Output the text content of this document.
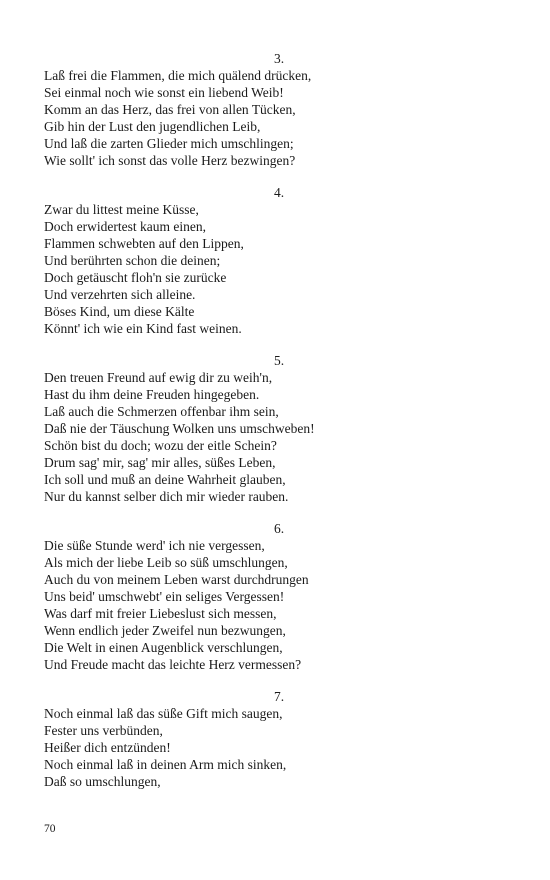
3.

Laß frei die Flammen, die mich quälend drücken,

Sei einmal noch wie sonst ein liebend Weib!

Komm an das Herz, das frei von allen Tücken,

Gib hin der Lust den jugendlichen Leib,

Und laß die zarten Glieder mich umschlingen;

Wie sollt' ich sonst das volle Herz bezwingen?

4.

Zwar du littest meine Küsse,

Doch erwidertest kaum einen,

Flammen schwebten auf den Lippen,

Und berührten schon die deinen;

Doch getäuscht floh'n sie zurücke

Und verzehrten sich alleine.

Böses Kind, um diese Kälte

Könnt' ich wie ein Kind fast weinen.

5.

Den treuen Freund auf ewig dir zu weih'n,

Hast du ihm deine Freuden hingegeben.

Laß auch die Schmerzen offenbar ihm sein,

Daß nie der Täuschung Wolken uns umschweben!

Schön bist du doch; wozu der eitle Schein?

Drum sag' mir, sag' mir alles, süßes Leben,

Ich soll und muß an deine Wahrheit glauben,

Nur du kannst selber dich mir wieder rauben.

6.

Die süße Stunde werd' ich nie vergessen,

Als mich der liebe Leib so süß umschlungen,

Auch du von meinem Leben warst durchdrungen

Uns beid' umschwebt' ein seliges Vergessen!

Was darf mit freier Liebeslust sich messen,

Wenn endlich jeder Zweifel nun bezwungen,

Die Welt in einen Augenblick verschlungen,

Und Freude macht das leichte Herz vermessen?

7.

Noch einmal laß das süße Gift mich saugen,

Fester uns verbünden,

Heißer dich entzünden!

Noch einmal laß in deinen Arm mich sinken,

Daß so umschlungen,

70
